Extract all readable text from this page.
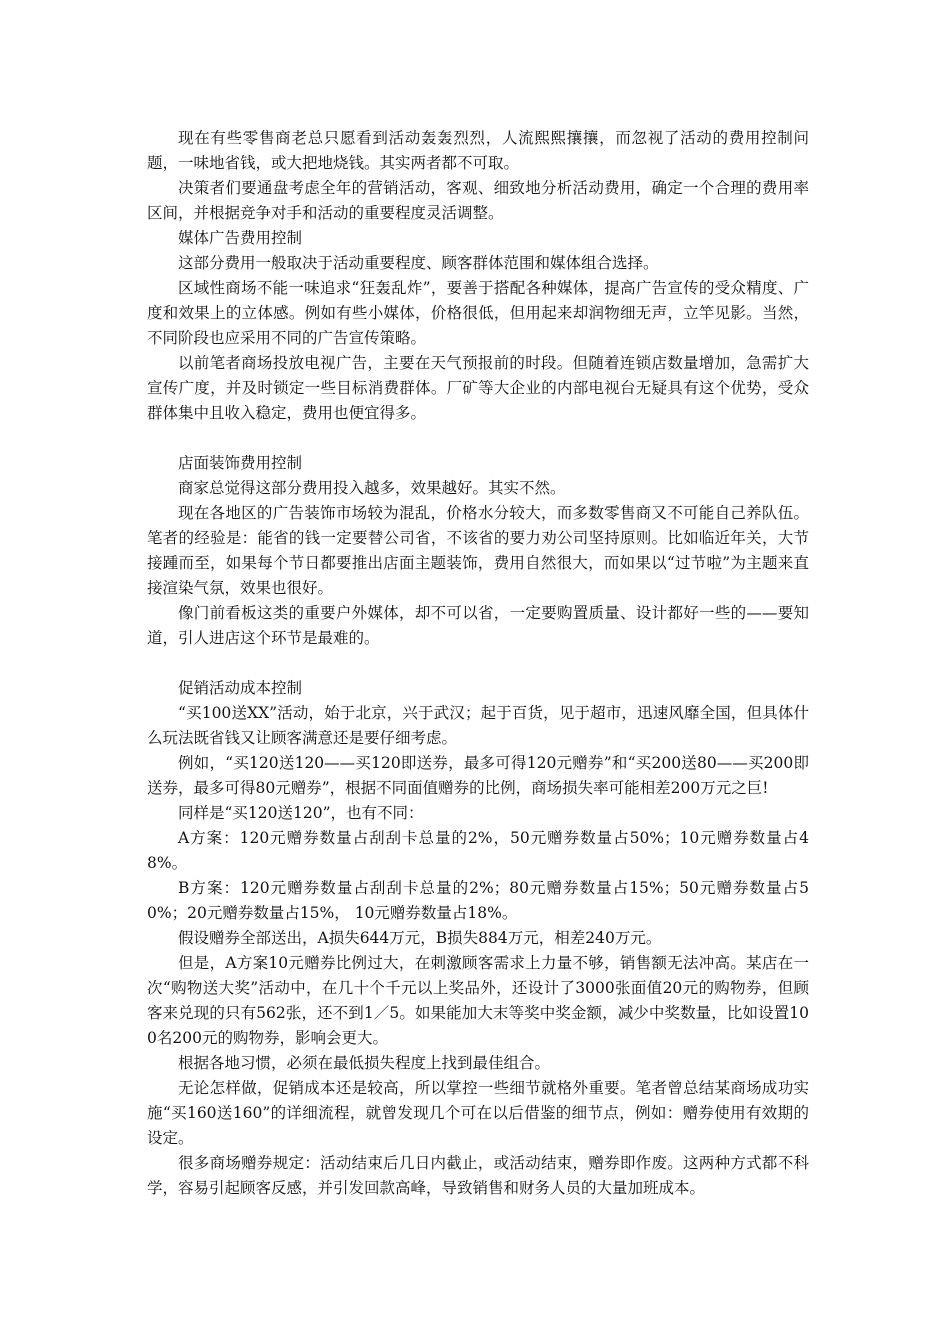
现在有些零售商老总只愿看到活动轰轰烈烈，人流熙熙攘攘，而忽视了活动的费用控制问题，一味地省钱，或大把地烧钱。其实两者都不可取。

决策者们要通盘考虑全年的营销活动，客观、细致地分析活动费用，确定一个合理的费用率区间，并根据竞争对手和活动的重要程度灵活调整。

媒体广告费用控制

这部分费用一般取决于活动重要程度、顾客群体范围和媒体组合选择。

区域性商场不能一味追求“狂轰乱炸”，要善于搭配各种媒体，提高广告宣传的受众精度、广度和效果上的立体感。例如有些小媒体，价格很低，但用起来却润物细无声，立竿见影。当然，不同阶段也应采用不同的广告宣传策略。

以前笔者商场投放电视广告，主要在天气预报前的时段。但随着连锁店数量增加，急需扩大宣传广度，并及时锁定一些目标消费群体。厂矿等大企业的内部电视台无疑具有这个优势，受众群体集中且收入稳定，费用也便宜得多。

店面装饰费用控制

商家总觉得这部分费用投入越多，效果越好。其实不然。

现在各地区的广告装饰市场较为混乱，价格水分较大，而多数零售商又不可能自己养队伍。笔者的经验是：能省的钱一定要替公司省，不该省的要力劝公司坚持原则。比如临近年关，大节接踵而至，如果每个节日都要推出店面主题装饰，费用自然很大，而如果以“过节啦”为主题来直接渲染气氛，效果也很好。

像门前看板这类的重要户外媒体，却不可以省，一定要购置质量、设计都好一些的——要知道，引人进店这个环节是最难的。

促销活动成本控制

“买100送XX”活动，始于北京，兴于武汉；起于百货，见于超市，迅速风靡全国，但具体什么玩法既省钱又让顾客满意还是要仔细考虑。

例如，“买120送120——买120即送券，最多可得120元赠券”和“买200送80——买200即送券，最多可得80元赠券”，根据不同面值赠券的比例，商场损失率可能相差200万元之巨!

同样是“买120送120”，也有不同：

A方案：120元赠券数量占刮刮卡总量的2%，50元赠券数量占50%；10元赠券数量占48%。

B方案：120元赠券数量占刮刮卡总量的2%；80元赠券数量占15%；50元赠券数量占50%；20元赠券数量占15%， 10元赠券数量占18%。

假设赠券全部送出，A损失644万元，B损失884万元，相差240万元。

但是，A方案10元赠券比例过大，在刺激顾客需求上力量不够，销售额无法冲高。某店在一次“购物送大奖”活动中，在几十个千元以上奖品外，还设计了3000张面值20元的购物券，但顾客来兑现的只有562张，还不到1／5。如果能加大末等奖中奖金额，减少中奖数量，比如设置100名200元的购物券，影响会更大。

根据各地习惯，必须在最低损失程度上找到最佳组合。

无论怎样做，促销成本还是较高，所以掌控一些细节就格外重要。笔者曾总结某商场成功实施“买160送160”的详细流程，就曾发现几个可在以后借鉴的细节点，例如：赠券使用有效期的设定。

很多商场赠券规定：活动结束后几日内截止，或活动结束，赠券即作废。这两种方式都不科学，容易引起顾客反感，并引发回款高峰，导致销售和财务人员的大量加班成本。
